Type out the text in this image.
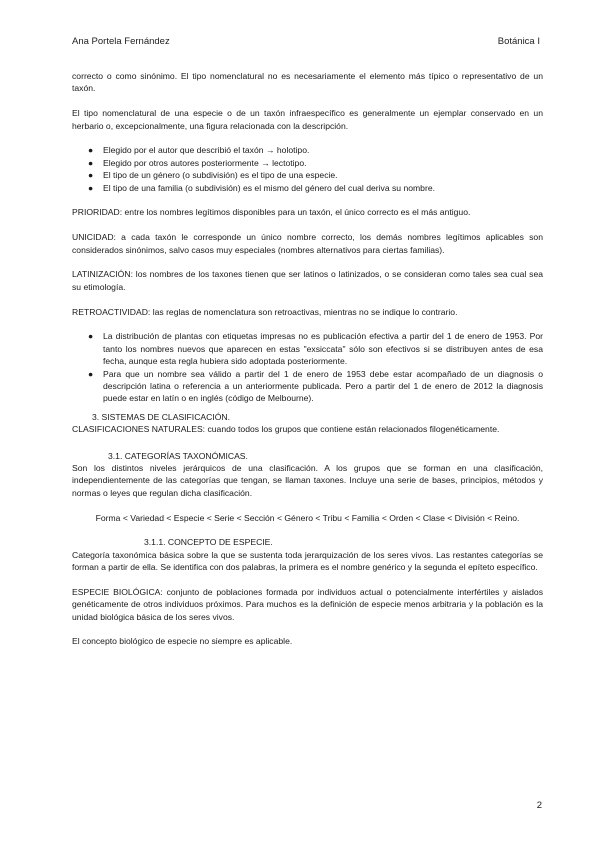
Ana Portela Fernández	Botánica I

correcto o como sinónimo. El tipo nomenclatural no es necesariamente el elemento más típico o representativo de un taxón.

El tipo nomenclatural de una especie o de un taxón infraespecífico es generalmente un ejemplar conservado en un herbario o, excepcionalmente, una figura relacionada con la descripción.

● Elegido por el autor que describió el taxón → holotipo.
● Elegido por otros autores posteriormente → lectotipo.
● El tipo de un género (o subdivisión) es el tipo de una especie.
● El tipo de una familia (o subdivisión) es el mismo del género del cual deriva su nombre.

PRIORIDAD: entre los nombres legítimos disponibles para un taxón, el único correcto es el más antiguo.

UNICIDAD: a cada taxón le corresponde un único nombre correcto, los demás nombres legítimos aplicables son considerados sinónimos, salvo casos muy especiales (nombres alternativos para ciertas familias).

LATINIZACIÓN: los nombres de los taxones tienen que ser latinos o latinizados, o se consideran como tales sea cual sea su etimología.

RETROACTIVIDAD: las reglas de nomenclatura son retroactivas, mientras no se indique lo contrario.

● La distribución de plantas con etiquetas impresas no es publicación efectiva a partir del 1 de enero de 1953. Por tanto los nombres nuevos que aparecen en estas "exsiccata" sólo son efectivos si se distribuyen antes de esa fecha, aunque esta regla hubiera sido adoptada posteriormente.
● Para que un nombre sea válido a partir del 1 de enero de 1953 debe estar acompañado de un diagnosis o descripción latina o referencia a un anteriormente publicada. Pero a partir del 1 de enero de 2012 la diagnosis puede estar en latín o en inglés (código de Melbourne).

3. SISTEMAS DE CLASIFICACIÓN.

CLASIFICACIONES NATURALES: cuando todos los grupos que contiene están relacionados filogenéticamente.

3.1. CATEGORÍAS TAXONÓMICAS.

Son los distintos niveles jerárquicos de una clasificación. A los grupos que se forman en una clasificación, independientemente de las categorías que tengan, se llaman taxones. Incluye una serie de bases, principios, métodos y normas o leyes que regulan dicha clasificación.

Forma < Variedad < Especie < Serie < Sección < Género < Tribu < Familia < Orden < Clase < División < Reino.

3.1.1. CONCEPTO DE ESPECIE.

Categoría taxonómica básica sobre la que se sustenta toda jerarquización de los seres vivos. Las restantes categorías se forman a partir de ella. Se identifica con dos palabras, la primera es el nombre genérico y la segunda el epíteto específico.

ESPECIE BIOLÓGICA: conjunto de poblaciones formada por individuos actual o potencialmente interfértiles y aislados genéticamente de otros individuos próximos. Para muchos es la definición de especie menos arbitraria y la población es la unidad biológica básica de los seres vivos.

El concepto biológico de especie no siempre es aplicable.

2
